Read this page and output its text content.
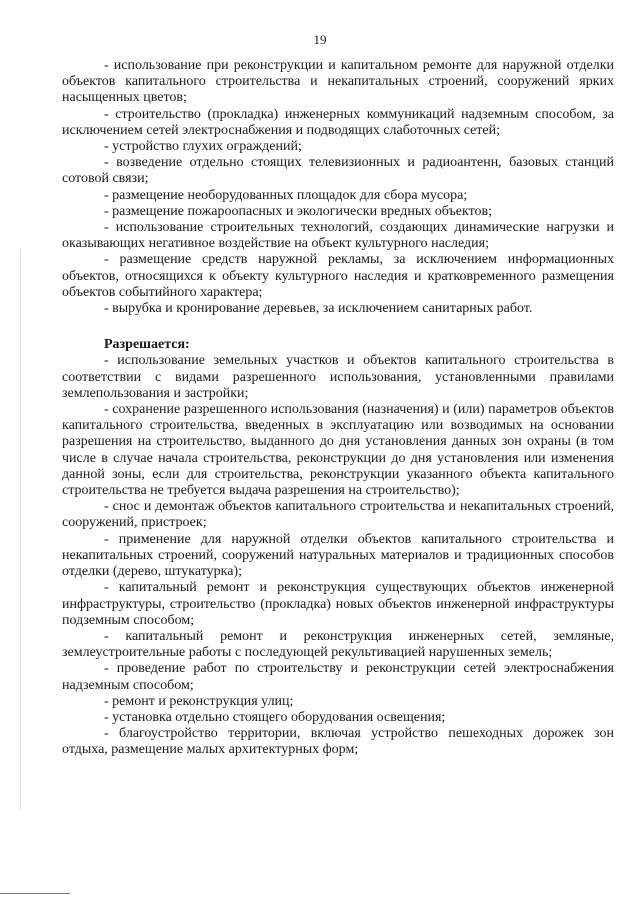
19

- использование при реконструкции и капитальном ремонте для наружной отделки объектов капитального строительства и некапитальных строений, сооружений ярких насыщенных цветов;

- строительство (прокладка) инженерных коммуникаций надземным способом, за исключением сетей электроснабжения и подводящих слаботочных сетей;

- устройство глухих ограждений;

- возведение отдельно стоящих телевизионных и радиоантенн, базовых станций сотовой связи;

- размещение необорудованных площадок для сбора мусора;

- размещение пожароопасных и экологически вредных объектов;

- использование строительных технологий, создающих динамические нагрузки и оказывающих негативное воздействие на объект культурного наследия;

- размещение средств наружной рекламы, за исключением информационных объектов, относящихся к объекту культурного наследия и кратковременного размещения объектов событийного характера;

- вырубка и кронирование деревьев, за исключением санитарных работ.

Разрешается:

- использование земельных участков и объектов капитального строительства в соответствии с видами разрешенного использования, установленными правилами землепользования и застройки;

- сохранение разрешенного использования (назначения) и (или) параметров объектов капитального строительства, введенных в эксплуатацию или возводимых на основании разрешения на строительство, выданного до дня установления данных зон охраны (в том числе в случае начала строительства, реконструкции до дня установления или изменения данной зоны, если для строительства, реконструкции указанного объекта капитального строительства не требуется выдача разрешения на строительство);

- снос и демонтаж объектов капитального строительства и некапитальных строений, сооружений, пристроек;

- применение для наружной отделки объектов капитального строительства и некапитальных строений, сооружений натуральных материалов и традиционных способов отделки (дерево, штукатурка);

- капитальный ремонт и реконструкция существующих объектов инженерной инфраструктуры, строительство (прокладка) новых объектов инженерной инфраструктуры подземным способом;

- капитальный ремонт и реконструкция инженерных сетей, земляные, землеустроительные работы с последующей рекультивацией нарушенных земель;

- проведение работ по строительству и реконструкции сетей электроснабжения надземным способом;

- ремонт и реконструкция улиц;

- установка отдельно стоящего оборудования освещения;

- благоустройство территории, включая устройство пешеходных дорожек зон отдыха, размещение малых архитектурных форм;
